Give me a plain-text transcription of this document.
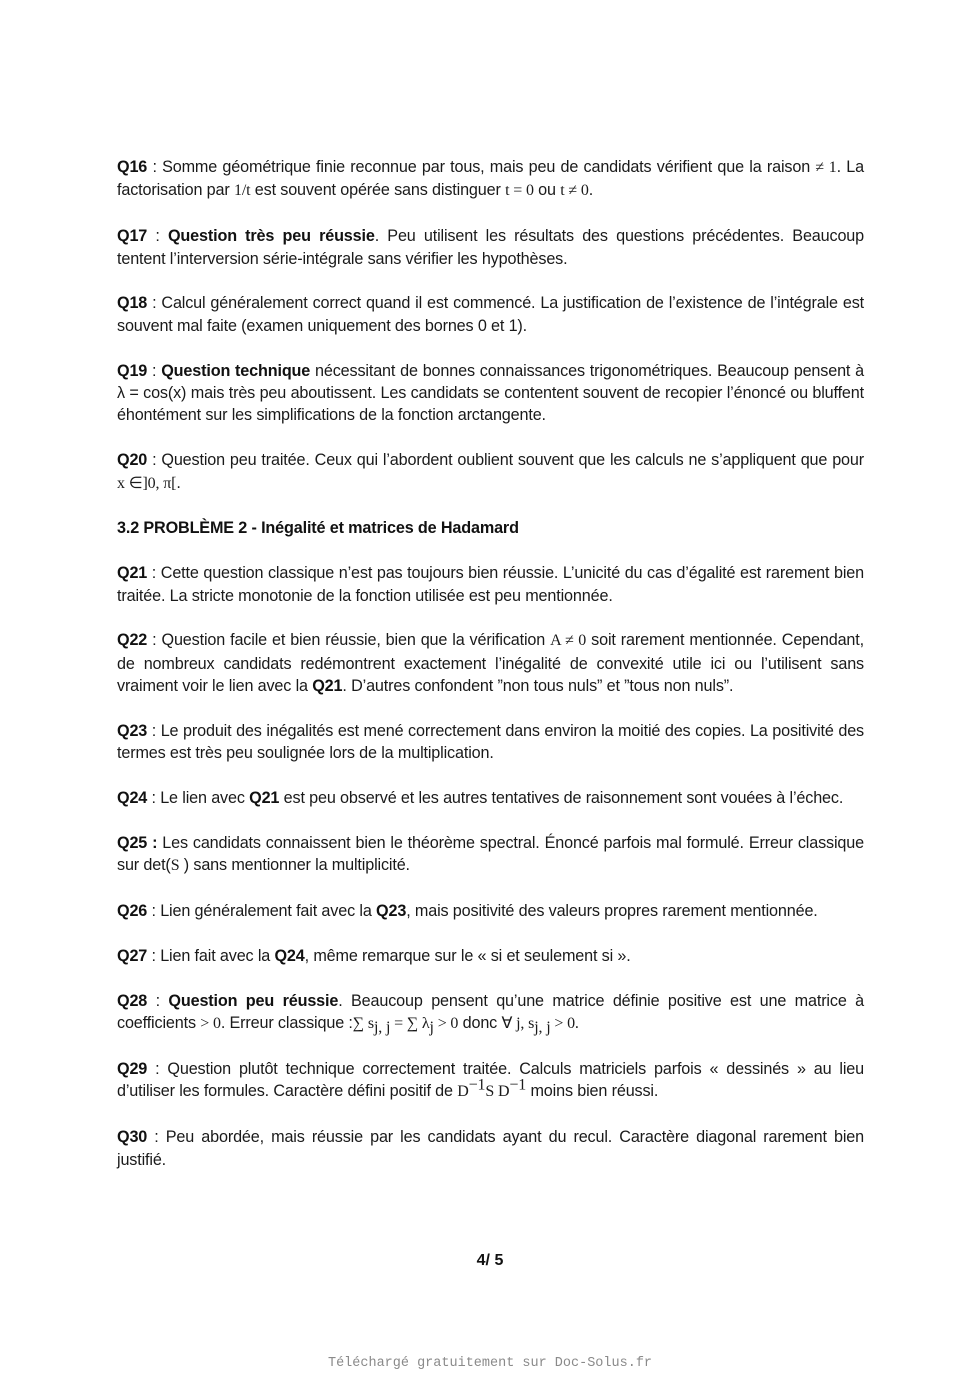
Q16 : Somme géométrique finie reconnue par tous, mais peu de candidats vérifient que la raison ≠ 1. La factorisation par 1/t est souvent opérée sans distinguer t = 0 ou t ≠ 0.
Q17 : Question très peu réussie. Peu utilisent les résultats des questions précédentes. Beaucoup tentent l’interversion série-intégrale sans vérifier les hypothèses.
Q18 : Calcul généralement correct quand il est commencé. La justification de l’existence de l’intégrale est souvent mal faite (examen uniquement des bornes 0 et 1).
Q19 : Question technique nécessitant de bonnes connaissances trigonométriques. Beaucoup pensent à λ = cos(x) mais très peu aboutissent. Les candidats se contentent souvent de recopier l’énoncé ou bluffent éhontément sur les simplifications de la fonction arctangente.
Q20 : Question peu traitée. Ceux qui l’abordent oublient souvent que les calculs ne s’appliquent que pour x ∈]0, π[.
3.2 PROBLÈME 2 - Inégalité et matrices de Hadamard
Q21 : Cette question classique n’est pas toujours bien réussie. L’unicité du cas d’égalité est rarement bien traitée. La stricte monotonie de la fonction utilisée est peu mentionnée.
Q22 : Question facile et bien réussie, bien que la vérification A ≠ 0 soit rarement mentionnée. Cependant, de nombreux candidats redémontrent exactement l’inégalité de convexité utile ici ou l’utilisent sans vraiment voir le lien avec la Q21. D’autres confondent ”non tous nuls” et ”tous non nuls”.
Q23 : Le produit des inégalités est mené correctement dans environ la moitié des copies. La positivité des termes est très peu soulignée lors de la multiplication.
Q24 : Le lien avec Q21 est peu observé et les autres tentatives de raisonnement sont vouées à l’échec.
Q25 : Les candidats connaissent bien le théorème spectral. Énoncé parfois mal formulé. Erreur classique sur det(S ) sans mentionner la multiplicité.
Q26 : Lien généralement fait avec la Q23, mais positivité des valeurs propres rarement mentionnée.
Q27 : Lien fait avec la Q24, même remarque sur le « si et seulement si ».
Q28 : Question peu réussie. Beaucoup pensent qu’une matrice définie positive est une matrice à coefficients > 0. Erreur classique :∑ $s_{j, j}$ = ∑ $\lambda_j > 0$ donc ∀ j, $s_{j, j} > 0$.
Q29 : Question plutôt technique correctement traitée. Calculs matriciels parfois « dessinés » au lieu d’utiliser les formules. Caractère défini positif de $D^{-1}S$ $D^{-1}$ moins bien réussi.
Q30 : Peu abordée, mais réussie par les candidats ayant du recul. Caractère diagonal rarement bien justifié.
4/ 5
Téléchargé gratuitement sur Doc-Solus.fr
